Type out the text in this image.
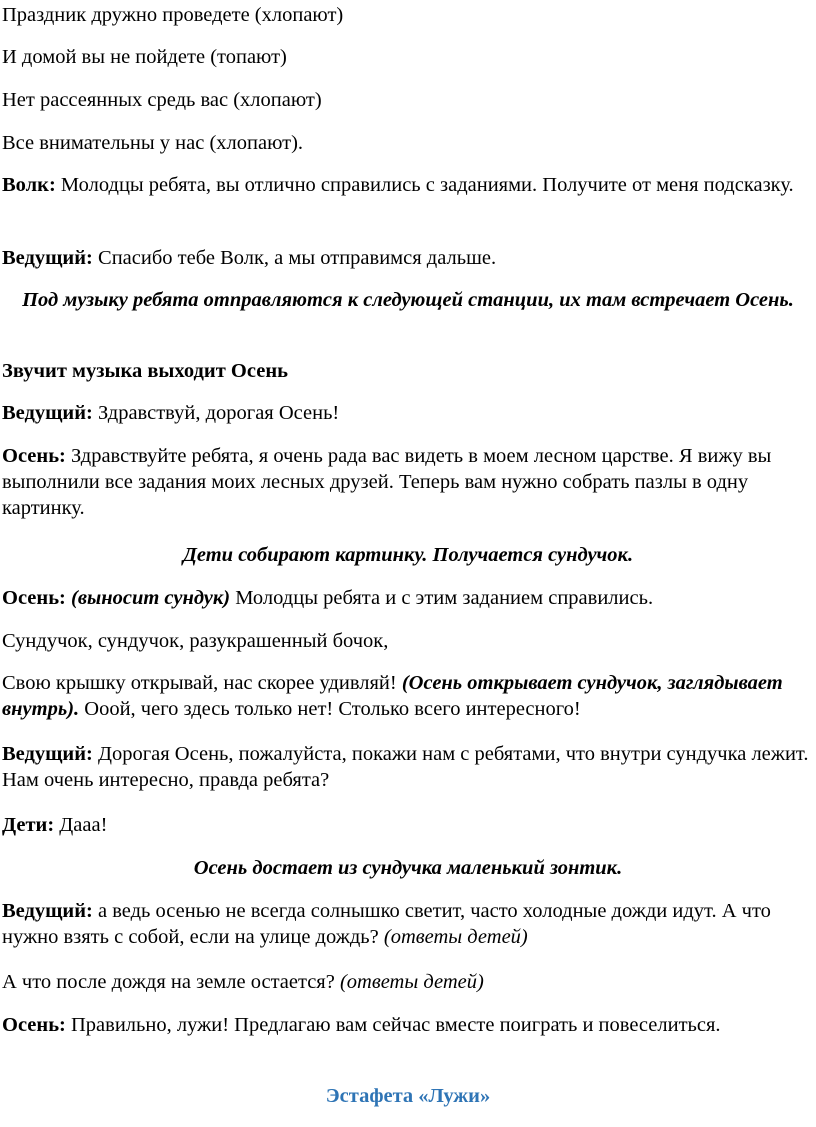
Праздник дружно проведете (хлопают)

И домой вы не пойдете (топают)

Нет рассеянных средь вас (хлопают)

Все внимательны у нас (хлопают).

Волк: Молодцы ребята, вы отлично справились с заданиями. Получите от меня подсказку.

Ведущий: Спасибо тебе Волк, а мы отправимся дальше.

Под музыку ребята отправляются к следующей станции, их там встречает Осень.

Звучит музыка выходит Осень

Ведущий: Здравствуй, дорогая Осень!

Осень: Здравствуйте ребята, я очень рада вас видеть в моем лесном царстве. Я вижу вы выполнили все задания моих лесных друзей. Теперь вам нужно собрать пазлы в одну картинку.

Дети собирают картинку. Получается сундучок.

Осень: (выносит сундук) Молодцы ребята и с этим заданием справились.

Сундучок, сундучок, разукрашенный бочок,

Свою крышку открывай, нас скорее удивляй! (Осень открывает сундучок, заглядывает внутрь). Ооой, чего здесь только нет! Столько всего интересного!

Ведущий: Дорогая Осень, пожалуйста, покажи нам с ребятами, что внутри сундучка лежит. Нам очень интересно, правда ребята?

Дети: Дааа!

Осень достает из сундучка маленький зонтик.

Ведущий: а ведь осенью не всегда солнышко светит, часто холодные дожди идут. А что нужно взять с собой, если на улице дождь? (ответы детей)

А что после дождя на земле остается? (ответы детей)

Осень: Правильно, лужи! Предлагаю вам сейчас вместе поиграть и повеселиться.

Эстафета «Лужи»
